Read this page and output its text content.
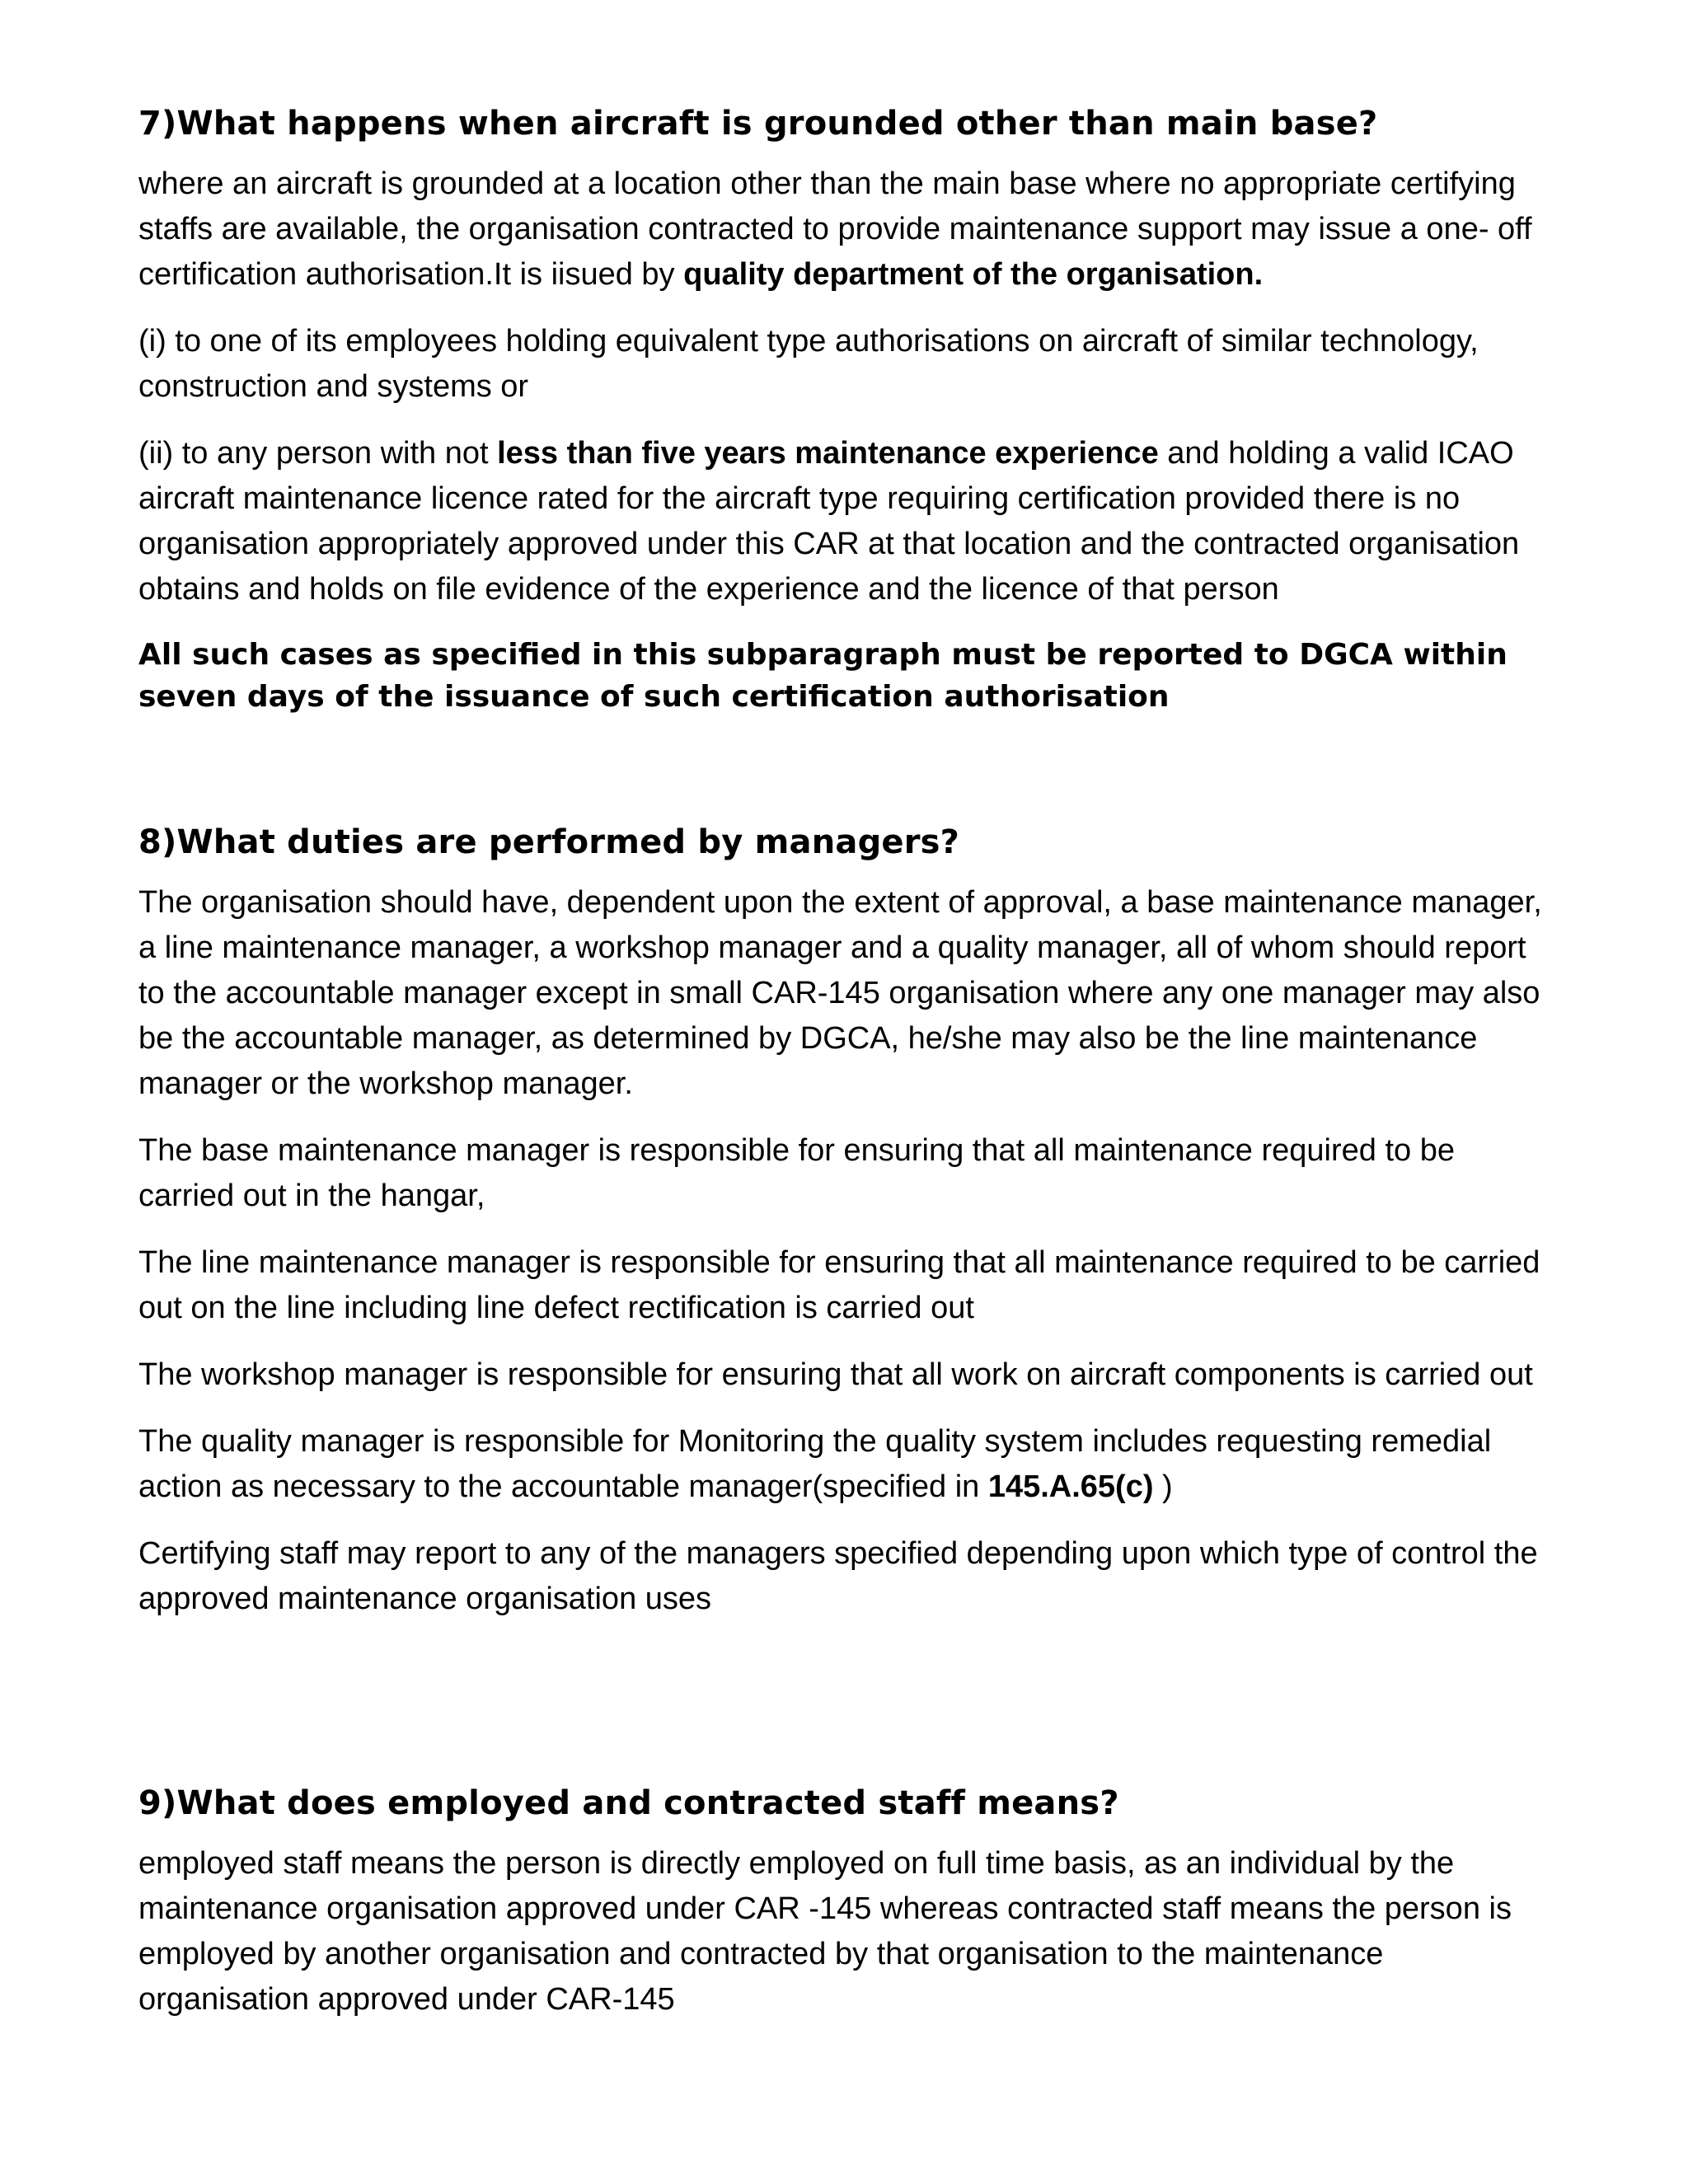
7)What happens when aircraft is grounded other than main base?

where an aircraft is grounded at a location other than the main base where no appropriate certifying staffs are available, the organisation contracted to provide maintenance support may issue a one- off certification authorisation.It is iisued by quality department of the organisation.

(i) to one of its employees holding equivalent type authorisations on aircraft of similar technology, construction and systems or

(ii) to any person with not less than five years maintenance experience and holding a valid ICAO aircraft maintenance licence rated for the aircraft type requiring certification provided there is no organisation appropriately approved under this CAR at that location and the contracted organisation obtains and holds on file evidence of the experience and the licence of that person

All such cases as specified in this subparagraph must be reported to DGCA within seven days of the issuance of such certification authorisation

8)What duties are performed by managers?

The organisation should have, dependent upon the extent of approval, a base maintenance manager, a line maintenance manager, a workshop manager and a quality manager, all of whom should report to the accountable manager except in small CAR-145 organisation where any one manager may also be the accountable manager, as determined by DGCA, he/she may also be the line maintenance manager or the workshop manager.

The base maintenance manager is responsible for ensuring that all maintenance required to be carried out in the hangar,

The line maintenance manager is responsible for ensuring that all maintenance required to be carried out on the line including line defect rectification is carried out

The workshop manager is responsible for ensuring that all work on aircraft components is carried out

The quality manager is responsible for Monitoring the quality system includes requesting remedial action as necessary to the accountable manager(specified in 145.A.65(c) )

Certifying staff may report to any of the managers specified depending upon which type of control the approved maintenance organisation uses

9)What does employed and contracted staff means?

employed staff means the person is directly employed on full time basis, as an individual by the maintenance organisation approved under CAR -145 whereas contracted staff means the person is employed by another organisation and contracted by that organisation to the maintenance organisation approved under CAR-145
